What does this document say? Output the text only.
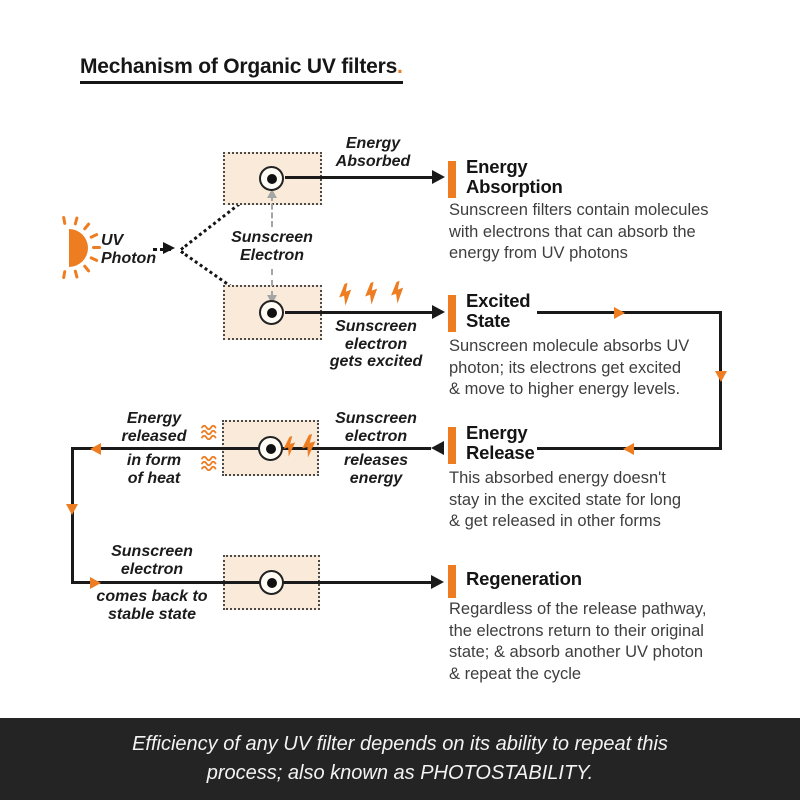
Mechanism of Organic UV filters.
UV
Photon
Energy
Absorbed
Sunscreen
Electron
Sunscreen
electron
gets excited
Energy
released
in form
of heat
Sunscreen
electron
releases
energy
Sunscreen
electron
comes back to
stable state
Energy
Absorption
Sunscreen filters contain molecules
with electrons that can absorb the
energy from UV photons
Excited
State
Sunscreen molecule absorbs UV
photon; its electrons get excited
& move to higher energy levels.
Energy
Release
This absorbed energy doesn't
stay in the excited state for long
& get released in other forms
Regeneration
Regardless of the release pathway,
the electrons return to their original
state; & absorb another UV photon
& repeat the cycle
Efficiency of any UV filter depends on its ability to repeat this
process; also known as PHOTOSTABILITY.
